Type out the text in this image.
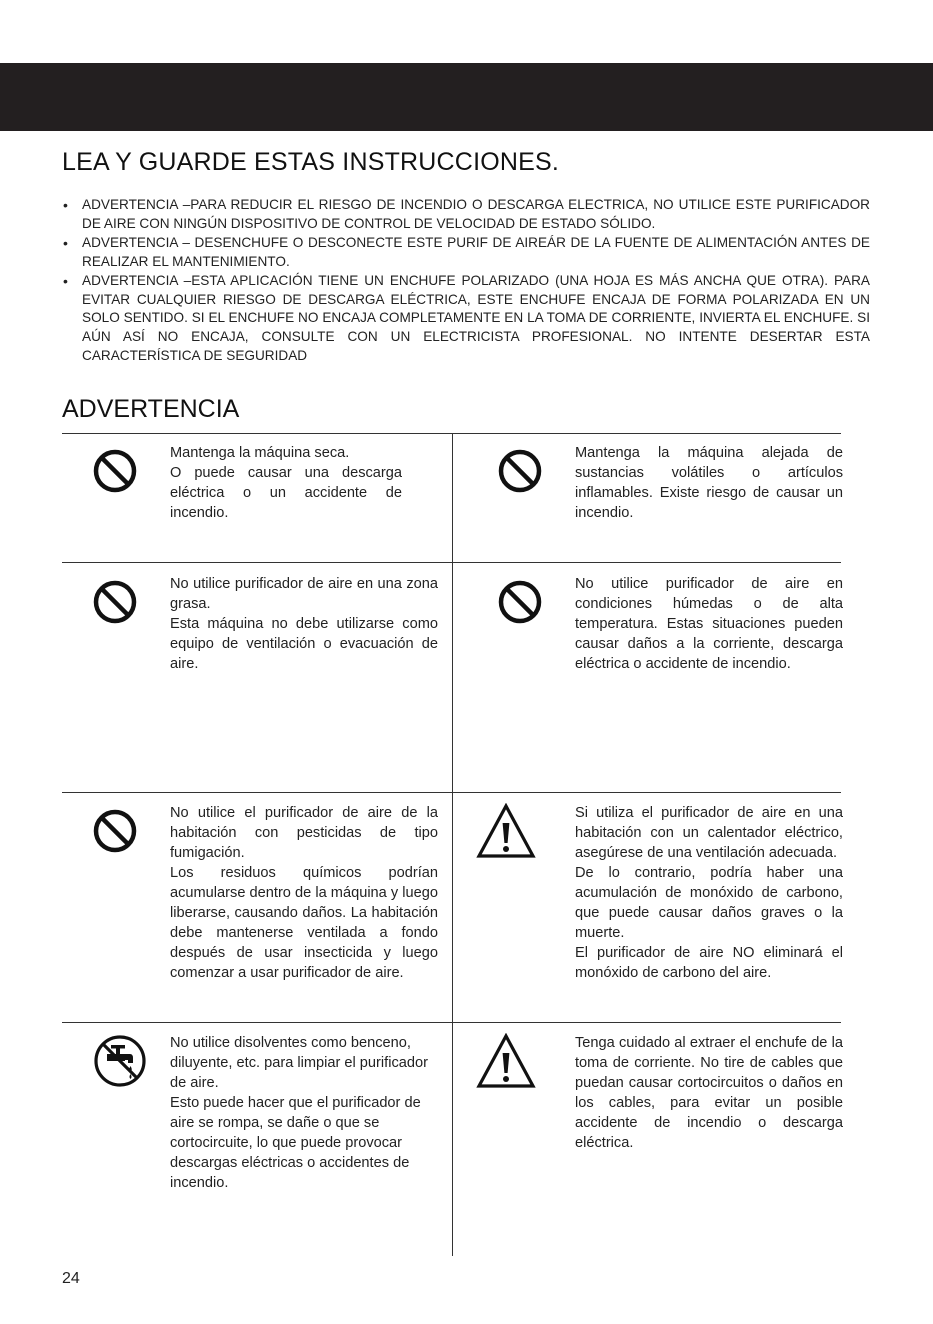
LEA Y GUARDE ESTAS INSTRUCCIONES.
• ADVERTENCIA –PARA REDUCIR EL RIESGO DE INCENDIO O DESCARGA ELECTRICA, NO UTILICE ESTE PURIFICADOR DE AIRE CON NINGÚN DISPOSITIVO DE CONTROL DE VELOCIDAD DE ESTADO SÓLIDO.
• ADVERTENCIA – DESENCHUFE O DESCONECTE ESTE PURIF DE AIREÁR DE LA FUENTE DE ALIMENTACIÓN ANTES DE REALIZAR EL MANTENIMIENTO.
• ADVERTENCIA –ESTA APLICACIÓN TIENE UN ENCHUFE POLARIZADO (UNA HOJA ES MÁS ANCHA QUE OTRA). PARA EVITAR CUALQUIER RIESGO DE DESCARGA ELÉCTRICA, ESTE ENCHUFE ENCAJA DE FORMA POLARIZADA EN UN SOLO SENTIDO. SI EL ENCHUFE NO ENCAJA COMPLETAMENTE EN LA TOMA DE CORRIENTE, INVIERTA EL ENCHUFE. SI AÚN ASÍ NO ENCAJA, CONSULTE CON UN ELECTRICISTA PROFESIONAL. NO INTENTE DESERTAR ESTA CARACTERÍSTICA DE SEGURIDAD
ADVERTENCIA

Mantenga la máquina seca.
O puede causar una descarga eléctrica o un accidente de incendio.

Mantenga la máquina alejada de sustancias volátiles o artículos inflamables. Existe riesgo de causar un incendio.

No utilice purificador de aire en una zona grasa.
Esta máquina no debe utilizarse como equipo de ventilación o evacuación de aire.

No utilice purificador de aire en condiciones húmedas o de alta temperatura. Estas situaciones pueden causar daños a la corriente, descarga eléctrica o accidente de incendio.

No utilice el purificador de aire de la habitación con pesticidas de tipo fumigación.
Los residuos químicos podrían acumularse dentro de la máquina y luego liberarse, causando daños. La habitación debe mantenerse ventilada a fondo después de usar insecticida y luego comenzar a usar purificador de aire.

Si utiliza el purificador de aire en una habitación con un calentador eléctrico, asegúrese de una ventilación adecuada.
De lo contrario, podría haber una acumulación de monóxido de carbono, que puede causar daños graves o la muerte.
El purificador de aire NO eliminará el monóxido de carbono del aire.

No utilice disolventes como benceno, diluyente, etc. para limpiar el purificador de aire.
Esto puede hacer que el purificador de aire se rompa, se dañe o que se cortocircuite, lo que puede provocar descargas eléctricas o accidentes de incendio.

Tenga cuidado al extraer el enchufe de la toma de corriente. No tire de cables que puedan causar cortocircuitos o daños en los cables, para evitar un posible accidente de incendio o descarga eléctrica.

24
